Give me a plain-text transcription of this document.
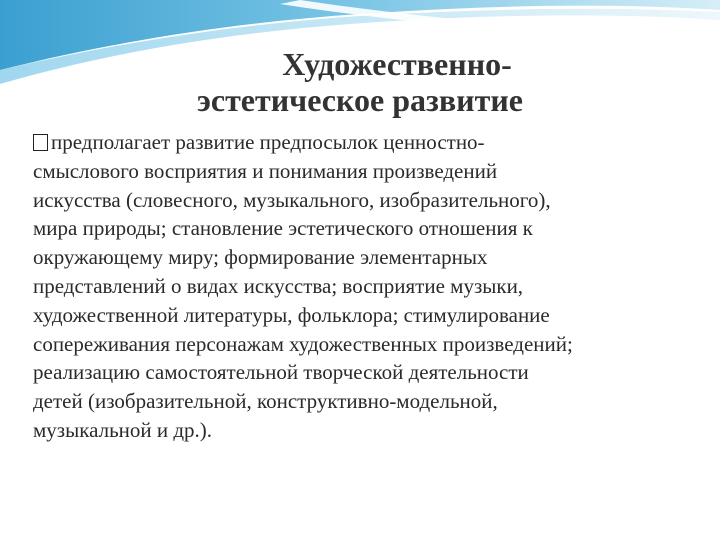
Художественно-
эстетическое развитие

предполагает развитие предпосылок ценностно-смыслового восприятия и понимания произведений искусства (словесного, музыкального, изобразительного), мира природы; становление эстетического отношения к окружающему миру; формирование элементарных представлений о видах искусства; восприятие музыки, художественной литературы, фольклора; стимулирование сопереживания персонажам художественных произведений; реализацию самостоятельной творческой деятельности детей (изобразительной, конструктивно-модельной, музыкальной и др.).
